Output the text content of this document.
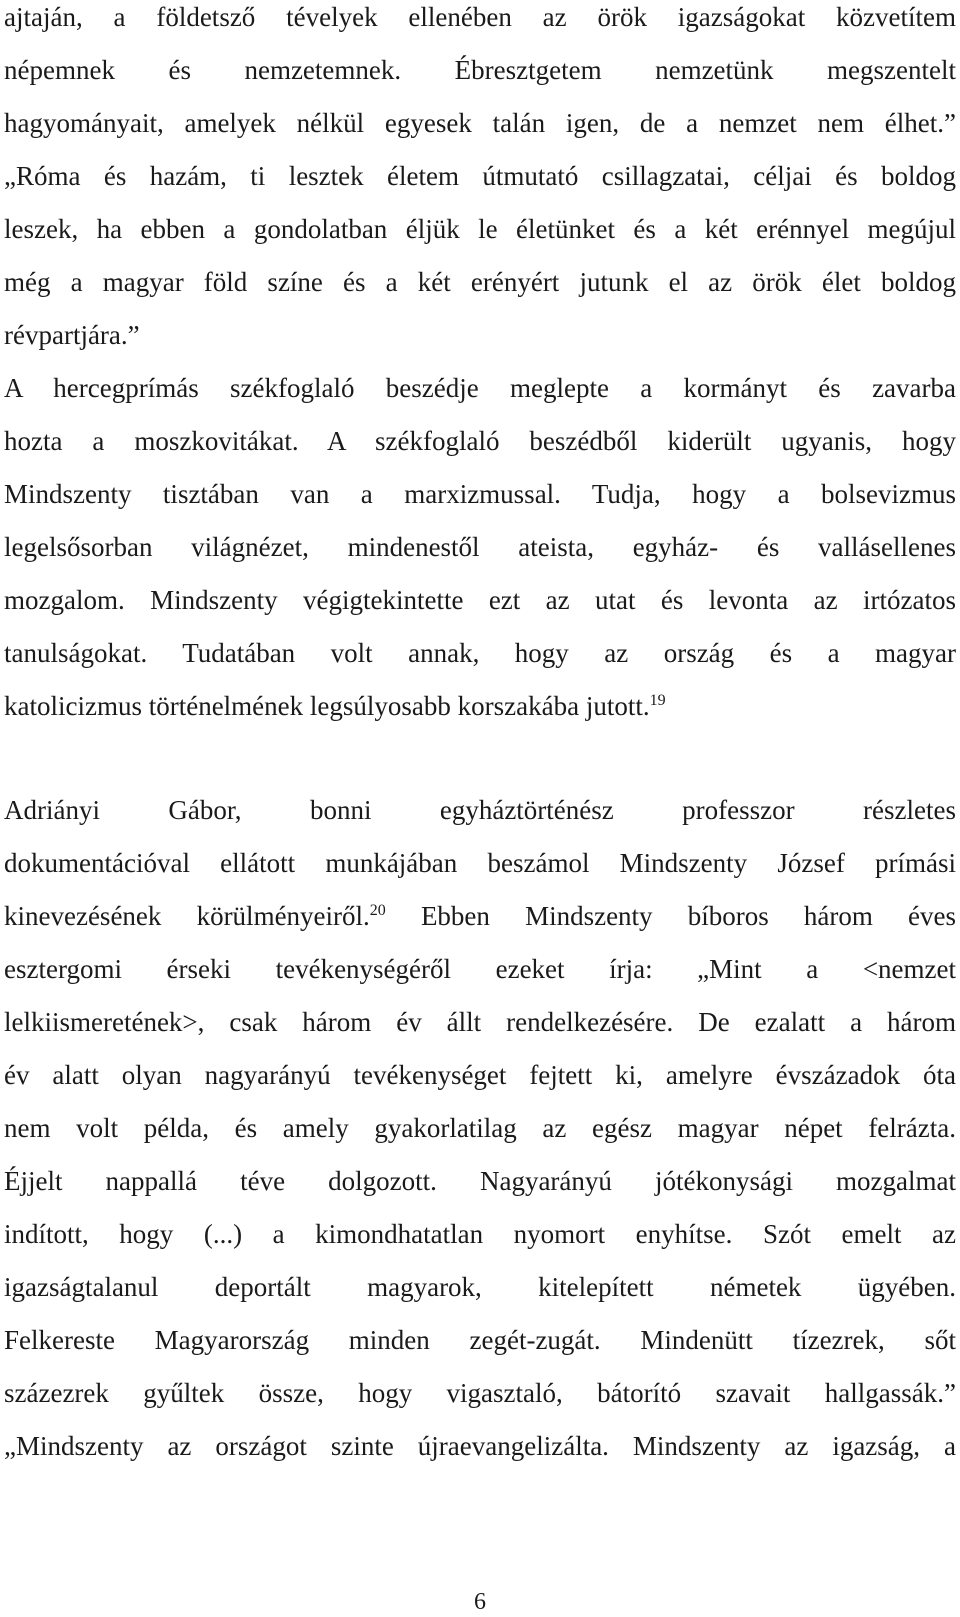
ajtaján, a földetsző tévelyek ellenében az örök igazságokat közvetítem
népemnek és nemzetemnek. Ébresztgetem nemzetünk megszentelt
hagyományait, amelyek nélkül egyesek talán igen, de a nemzet nem élhet.”
„Róma és hazám, ti lesztek életem útmutató csillagzatai, céljai és boldog
leszek, ha ebben a gondolatban éljük le életünket és a két erénnyel megújul
még a magyar föld színe és a két erényért jutunk el az örök élet boldog
révpartjára.”
A hercegprímás székfoglaló beszédje meglepte a kormányt és zavarba
hozta a moszkovitákat. A székfoglaló beszédből kiderült ugyanis, hogy
Mindszenty tisztában van a marxizmussal. Tudja, hogy a bolsevizmus
legelsősorban világnézet, mindenestől ateista, egyház- és vallásellenes
mozgalom. Mindszenty végigtekintette ezt az utat és levonta az irtózatos
tanulságokat. Tudatában volt annak, hogy az ország és a magyar
katolicizmus történelmének legsúlyosabb korszakába jutott.$^{19}$
Adriányi Gábor, bonni egyháztörténész professzor részletes
dokumentációval ellátott munkájában beszámol Mindszenty József prímási
kinevezésének körülményeiről.$^{20}$ Ebben Mindszenty bíboros három éves
esztergomi érseki tevékenységéről ezeket írja: „Mint a <nemzet
lelkiismeretének>, csak három év állt rendelkezésére. De ezalatt a három
év alatt olyan nagyarányú tevékenységet fejtett ki, amelyre évszázadok óta
nem volt példa, és amely gyakorlatilag az egész magyar népet felrázta.
Éjjelt nappallá téve dolgozott. Nagyarányú jótékonysági mozgalmat
indított, hogy (...) a kimondhatatlan nyomort enyhítse. Szót emelt az
igazságtalanul deportált magyarok, kitelepített németek ügyében.
Felkereste Magyarország minden zegét-zugát. Mindenütt tízezrek, sőt
százezrek gyűltek össze, hogy vigasztaló, bátorító szavait hallgassák.”
„Mindszenty az országot szinte újraevangelizálta. Mindszenty az igazság, a
6
